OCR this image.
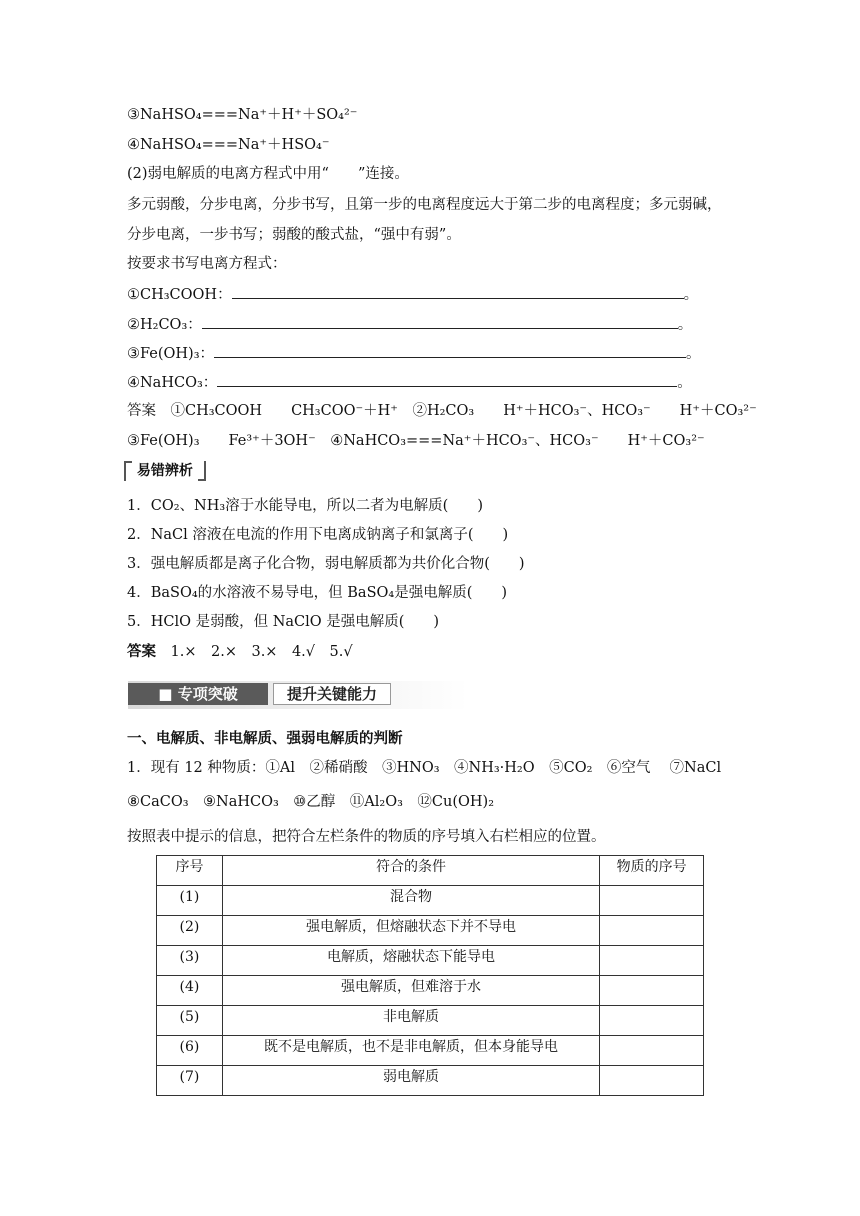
③NaHSO₄===Na⁺＋H⁺＋SO₄²⁻
④NaHSO₄===Na⁺＋HSO₄⁻
(2)弱电解质的电离方程式中用“　　”连接。
多元弱酸，分步电离，分步书写，且第一步的电离程度远大于第二步的电离程度；多元弱碱，
分步电离，一步书写；弱酸的酸式盐，“强中有弱”。
按要求书写电离方程式：
①CH₃COOH：	。
②H₂CO₃：	。
③Fe(OH)₃：	。
④NaHCO₃：	。
答案　①CH₃COOH　　CH₃COO⁻＋H⁺　②H₂CO₃　　H⁺＋HCO₃⁻、HCO₃⁻　　H⁺＋CO₃²⁻
③Fe(OH)₃　　Fe³⁺＋3OH⁻　④NaHCO₃===Na⁺＋HCO₃⁻、HCO₃⁻　　H⁺＋CO₃²⁻
易错辨析
1．CO₂、NH₃溶于水能导电，所以二者为电解质(　　)
2．NaCl 溶液在电流的作用下电离成钠离子和氯离子(　　)
3．强电解质都是离子化合物，弱电解质都为共价化合物(　　)
4．BaSO₄的水溶液不易导电，但 BaSO₄是强电解质(　　)
5．HClO 是弱酸，但 NaClO 是强电解质(　　)
答案　 1.×　2.×　3.×　4.√　5.√
■ 专项突破	提升关键能力
一、电解质、非电解质、强弱电解质的判断
1．现有 12 种物质：①Al　②稀硝酸　③HNO₃　④NH₃·H₂O　⑤CO₂　⑥空气　 ⑦NaCl
⑧CaCO₃　⑨NaHCO₃　⑩乙醇　⑪Al₂O₃　⑫Cu(OH)₂
按照表中提示的信息，把符合左栏条件的物质的序号填入右栏相应的位置。
序号	符合的条件	物质的序号
(1)	混合物	
(2)	强电解质，但熔融状态下并不导电	
(3)	电解质，熔融状态下能导电	
(4)	强电解质，但难溶于水	
(5)	非电解质	
(6)	既不是电解质，也不是非电解质，但本身能导电	
(7)	弱电解质	
